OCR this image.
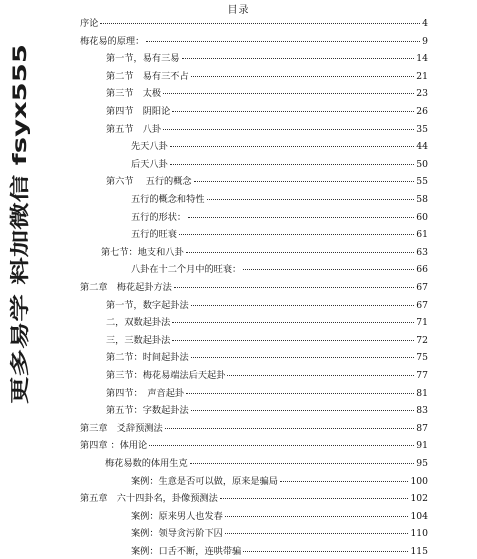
更多易学 料加微信 fsyx555
目录
序论	4
梅花易的原理：	9
第一节，易有三易	14
第二节　易有三不占	21
第三节　太极	23
第四节　阴阳论	26
第五节　八卦	35
先天八卦	44
后天八卦	50
第六节　 五行的概念	55
五行的概念和特性	58
五行的形状：	60
五行的旺衰	61
第七节：地支和八卦	63
八卦在十二个月中的旺衰：	66
第二章　梅花起卦方法	67
第一节，数字起卦法	67
二，双数起卦法	71
三，三数起卦法	72
第二节：时间起卦法	75
第三节：梅花易端法后天起卦	77
第四节：　声音起卦	81
第五节：字数起卦法	83
第三章　爻辞预测法	87
第四章 ：体用论	91
梅花易数的体用生克	95
案例：生意是否可以做，原来是骗局	100
第五章　六十四卦名，卦像预测法	102
案例：原来男人也发春	104
案例：领导贪污阶下囚	110
案例：口舌不断，连哄带骗	115
